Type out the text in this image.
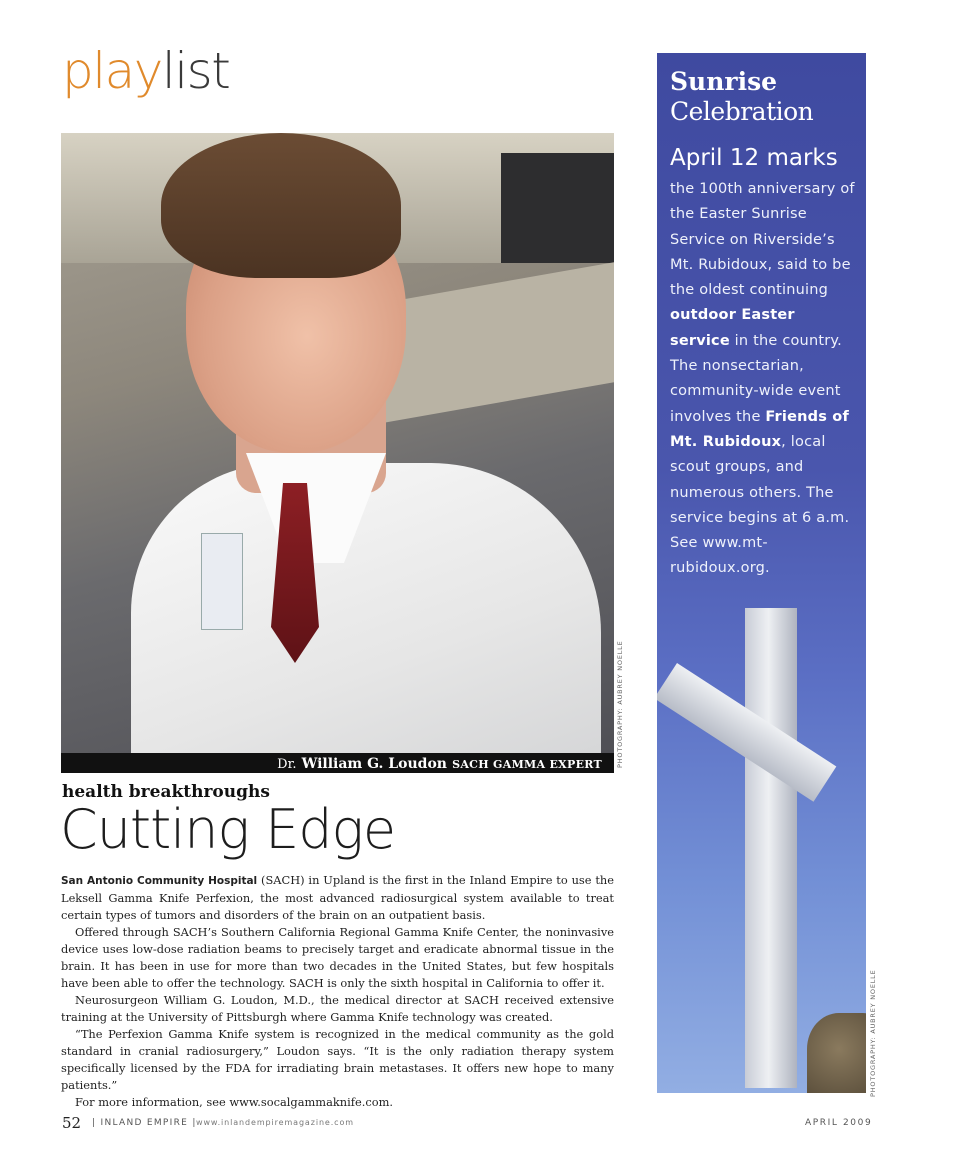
playlist
Dr. William G. Loudon SACH GAMMA EXPERT	PHOTOGRAPHY: AUBREY NOELLE
health breakthroughs
Cutting Edge

San Antonio Community Hospital (SACH) in Upland is the first in the Inland Empire to use the Leksell Gamma Knife Perfexion, the most advanced radiosurgical system available to treat certain types of tumors and disorders of the brain on an outpatient basis.

Offered through SACH’s Southern California Regional Gamma Knife Center, the noninvasive device uses low-dose radiation beams to precisely target and eradicate abnormal tissue in the brain. It has been in use for more than two decades in the United States, but few hospitals have been able to offer the technology. SACH is only the sixth hospital in California to offer it.

Neurosurgeon William G. Loudon, M.D., the medical director at SACH received extensive training at the University of Pittsburgh where Gamma Knife technology was created.

“The Perfexion Gamma Knife system is recognized in the medical community as the gold standard in cranial radiosurgery,” Loudon says. “It is the only radiation therapy system specifically licensed by the FDA for irradiating brain metastases. It offers new hope to many patients.”

For more information, see www.socalgammaknife.com.

Sunrise
Celebration
April 12 marks
the 100th anniversary of the Easter Sunrise Service on Riverside’s Mt. Rubidoux, said to be the oldest continuing outdoor Easter service in the country. The nonsectarian, community-wide event involves the Friends of Mt. Rubidoux, local scout groups, and numerous others. The service begins at 6 a.m. See www.mt-rubidoux.org.
PHOTOGRAPHY: AUBREY NOELLE
52 | INLAND EMPIRE | www.inlandempiremagazine.com	APRIL 2009
